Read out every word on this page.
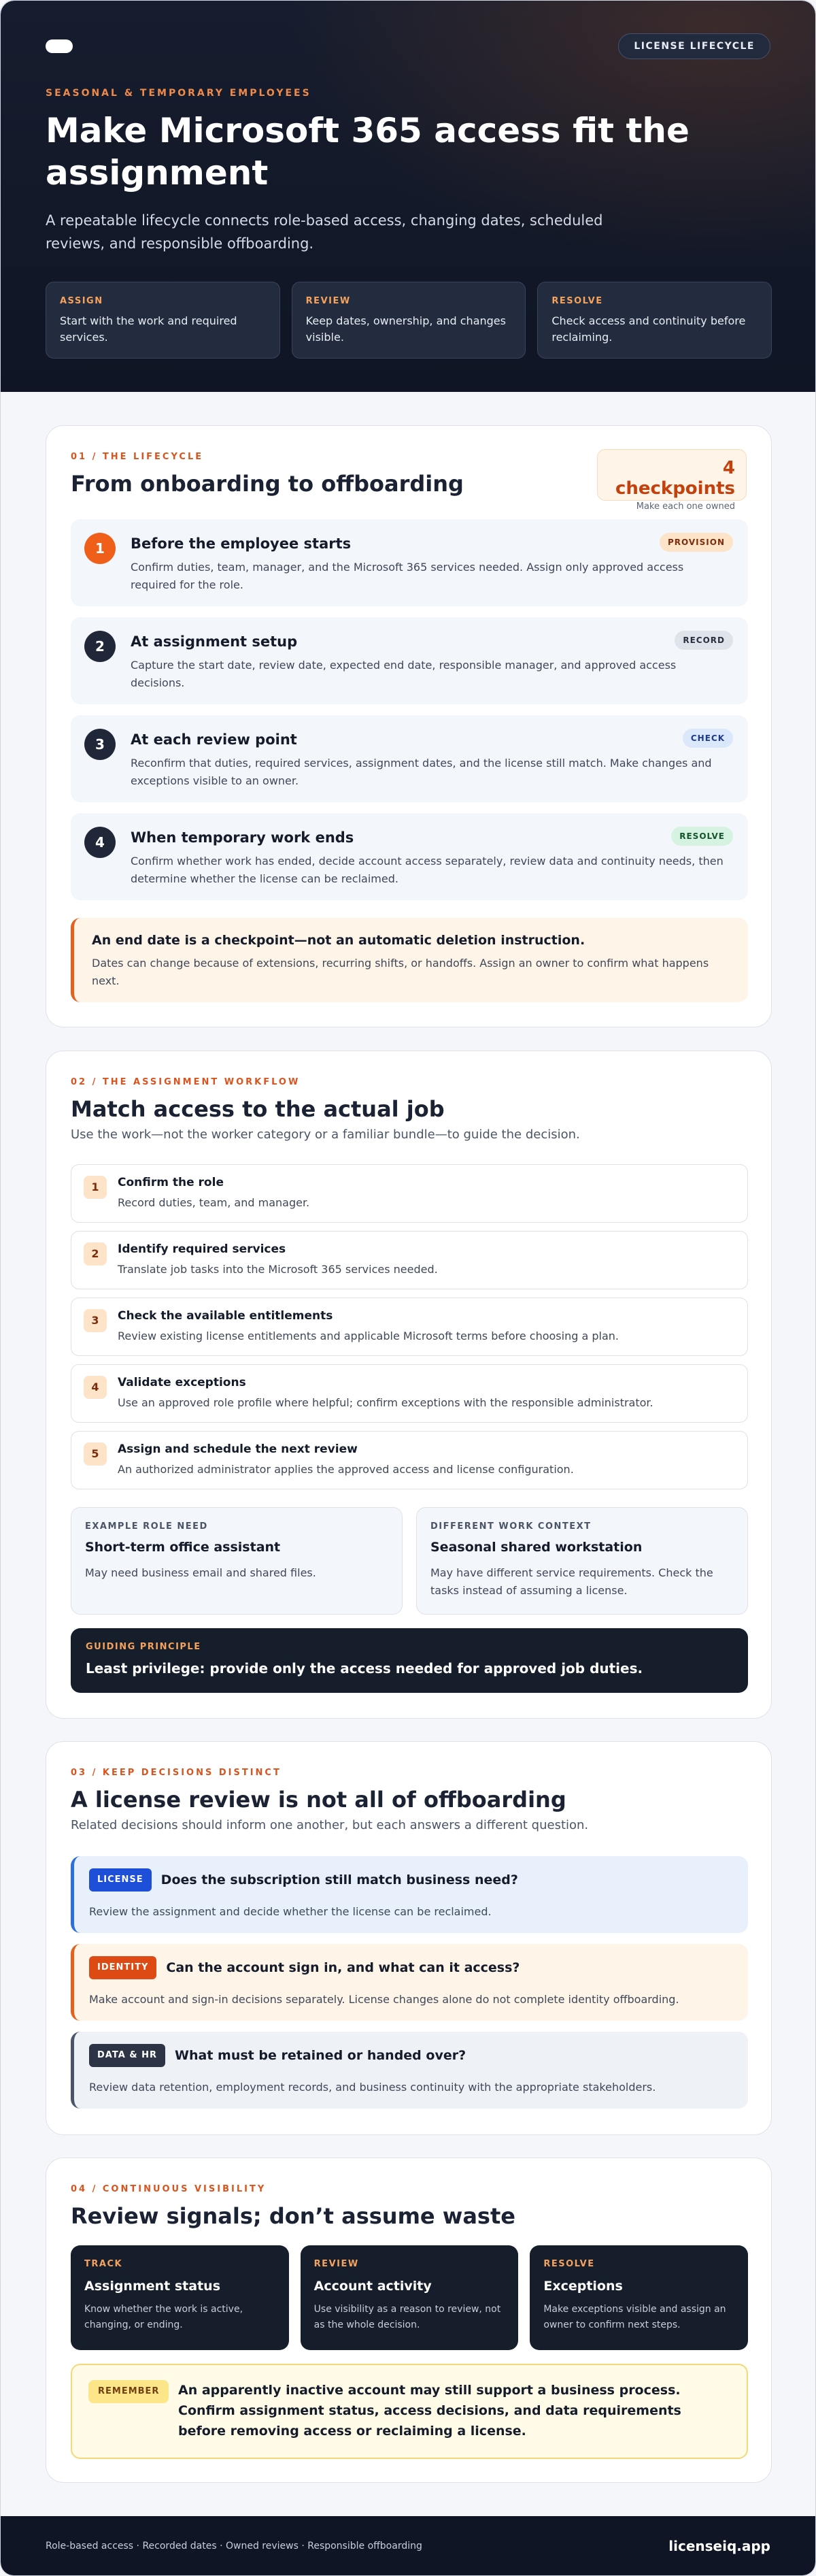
LICENSE LIFECYCLE
SEASONAL & TEMPORARY EMPLOYEES
Make Microsoft 365 access fit the assignment

A repeatable lifecycle connects role-based access, changing dates, scheduled reviews, and responsible offboarding.

ASSIGN
Start with the work and required services.
REVIEW
Keep dates, ownership, and changes visible.
RESOLVE
Check access and continuity before reclaiming.
01 / THE LIFECYCLE
From onboarding to offboarding
4 checkpoints
Make each one owned
1	Before the employee starts
Confirm duties, team, manager, and the Microsoft 365 services needed. Assign only approved access required for the role.
PROVISION
2	At assignment setup
Capture the start date, review date, expected end date, responsible manager, and approved access decisions.
RECORD
3	At each review point
Reconfirm that duties, required services, assignment dates, and the license still match. Make changes and exceptions visible to an owner.
CHECK
4	When temporary work ends
Confirm whether work has ended, decide account access separately, review data and continuity needs, then determine whether the license can be reclaimed.
RESOLVE
An end date is a checkpoint—not an automatic deletion instruction.
Dates can change because of extensions, recurring shifts, or handoffs. Assign an owner to confirm what happens next.
02 / THE ASSIGNMENT WORKFLOW
Match access to the actual job

Use the work—not the worker category or a familiar bundle—to guide the decision.

1	Confirm the role
Record duties, team, and manager.
2	Identify required services
Translate job tasks into the Microsoft 365 services needed.
3	Check the available entitlements
Review existing license entitlements and applicable Microsoft terms before choosing a plan.
4	Validate exceptions
Use an approved role profile where helpful; confirm exceptions with the responsible administrator.
5	Assign and schedule the next review
An authorized administrator applies the approved access and license configuration.
EXAMPLE ROLE NEED
Short-term office assistant
May need business email and shared files.
DIFFERENT WORK CONTEXT
Seasonal shared workstation
May have different service requirements. Check the tasks instead of assuming a license.
GUIDING PRINCIPLE
Least privilege: provide only the access needed for approved job duties.
03 / KEEP DECISIONS DISTINCT
A license review is not all of offboarding

Related decisions should inform one another, but each answers a different question.

LICENSE	Does the subscription still match business need?
Review the assignment and decide whether the license can be reclaimed.
IDENTITY	Can the account sign in, and what can it access?
Make account and sign-in decisions separately. License changes alone do not complete identity offboarding.
DATA & HR	What must be retained or handed over?
Review data retention, employment records, and business continuity with the appropriate stakeholders.
04 / CONTINUOUS VISIBILITY
Review signals; don’t assume waste
TRACK
Assignment status
Know whether the work is active, changing, or ending.
REVIEW
Account activity
Use visibility as a reason to review, not as the whole decision.
RESOLVE
Exceptions
Make exceptions visible and assign an owner to confirm next steps.
REMEMBER	An apparently inactive account may still support a business process. Confirm assignment status, access decisions, and data requirements before removing access or reclaiming a license.
Role-based access · Recorded dates · Owned reviews · Responsible offboarding	licenseiq.app
